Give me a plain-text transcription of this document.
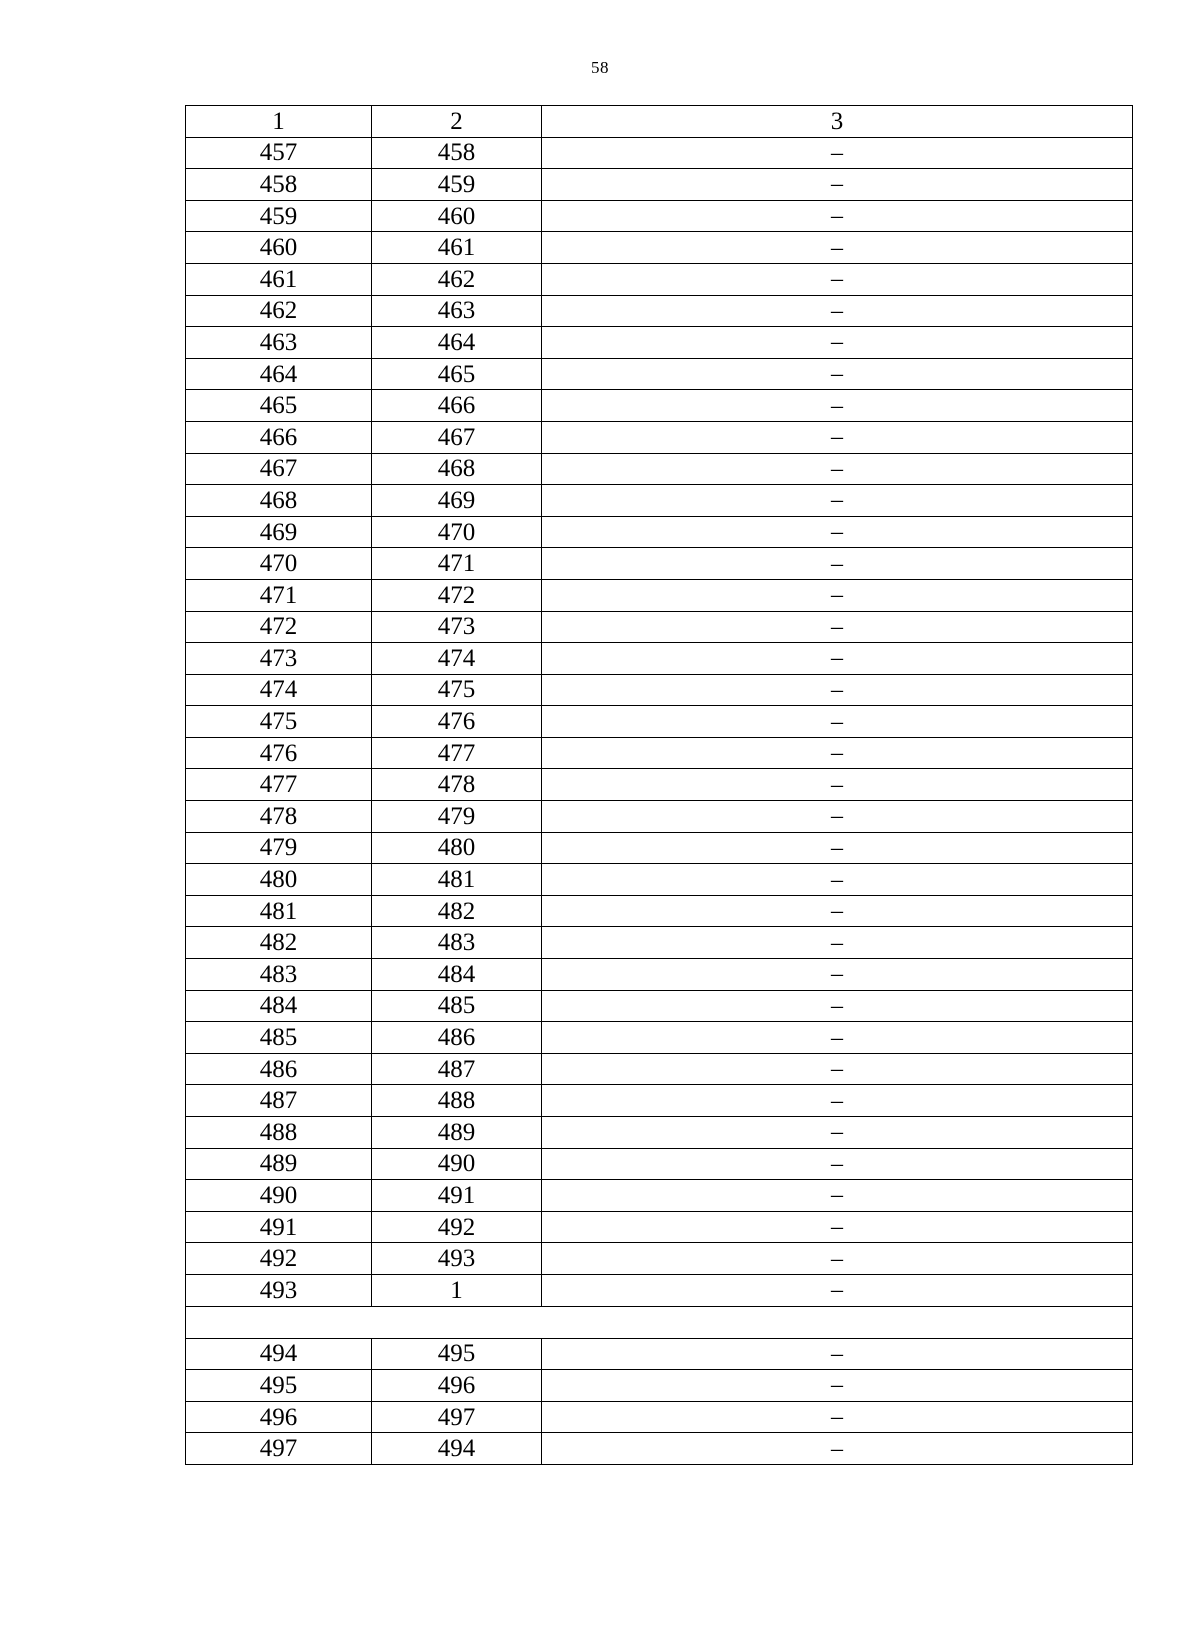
58
1	2	3
457	458	–
458	459	–
459	460	–
460	461	–
461	462	–
462	463	–
463	464	–
464	465	–
465	466	–
466	467	–
467	468	–
468	469	–
469	470	–
470	471	–
471	472	–
472	473	–
473	474	–
474	475	–
475	476	–
476	477	–
477	478	–
478	479	–
479	480	–
480	481	–
481	482	–
482	483	–
483	484	–
484	485	–
485	486	–
486	487	–
487	488	–
488	489	–
489	490	–
490	491	–
491	492	–
492	493	–
493	1	–

494	495	–
495	496	–
496	497	–
497	494	–
